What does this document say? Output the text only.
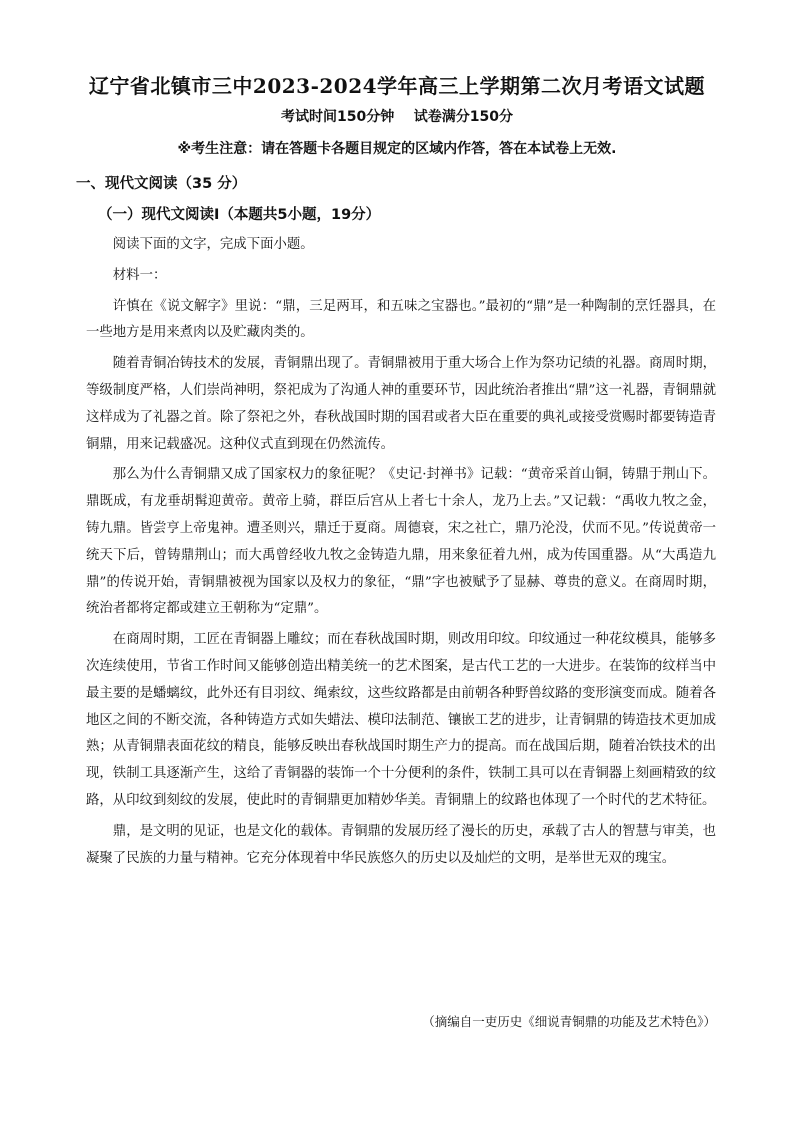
辽宁省北镇市三中2023-2024学年高三上学期第二次月考语文试题
考试时间150分钟    试卷满分150分
※考生注意：请在答题卡各题目规定的区域内作答，答在本试卷上无效.
一、现代文阅读（35 分）
（一）现代文阅读Ⅰ（本题共5小题，19分）

阅读下面的文字，完成下面小题。

材料一：

许慎在《说文解字》里说：“鼎，三足两耳，和五味之宝器也。”最初的“鼎”是一种陶制的烹饪器具，在一些地方是用来煮肉以及贮藏肉类的。

随着青铜冶铸技术的发展，青铜鼎出现了。青铜鼎被用于重大场合上作为祭功记绩的礼器。商周时期，等级制度严格，人们崇尚神明，祭祀成为了沟通人神的重要环节，因此统治者推出“鼎”这一礼器，青铜鼎就这样成为了礼器之首。除了祭祀之外，春秋战国时期的国君或者大臣在重要的典礼或接受赏赐时都要铸造青铜鼎，用来记载盛况。这种仪式直到现在仍然流传。

那么为什么青铜鼎又成了国家权力的象征呢？《史记·封禅书》记载：“黄帝采首山铜，铸鼎于荆山下。鼎既成，有龙垂胡髯迎黄帝。黄帝上骑，群臣后宫从上者七十余人，龙乃上去。”又记载：“禹收九牧之金，铸九鼎。皆尝亨上帝鬼神。遭圣则兴，鼎迁于夏商。周德衰，宋之社亡，鼎乃沦没，伏而不见。”传说黄帝一统天下后，曾铸鼎荆山；而大禹曾经收九牧之金铸造九鼎，用来象征着九州，成为传国重器。从“大禹造九鼎”的传说开始，青铜鼎被视为国家以及权力的象征，“鼎”字也被赋予了显赫、尊贵的意义。在商周时期，统治者都将定都或建立王朝称为“定鼎”。

在商周时期，工匠在青铜器上雕纹；而在春秋战国时期，则改用印纹。印纹通过一种花纹模具，能够多次连续使用，节省工作时间又能够创造出精美统一的艺术图案，是古代工艺的一大进步。在装饰的纹样当中最主要的是蟠螭纹，此外还有目羽纹、绳索纹，这些纹路都是由前朝各种野兽纹路的变形演变而成。随着各地区之间的不断交流，各种铸造方式如失蜡法、模印法制范、镶嵌工艺的进步，让青铜鼎的铸造技术更加成熟；从青铜鼎表面花纹的精良，能够反映出春秋战国时期生产力的提高。而在战国后期，随着冶铁技术的出现，铁制工具逐渐产生，这给了青铜器的装饰一个十分便利的条件，铁制工具可以在青铜器上刻画精致的纹路，从印纹到刻纹的发展，使此时的青铜鼎更加精妙华美。青铜鼎上的纹路也体现了一个时代的艺术特征。

鼎，是文明的见证，也是文化的载体。青铜鼎的发展历经了漫长的历史，承载了古人的智慧与审美，也凝聚了民族的力量与精神。它充分体现着中华民族悠久的历史以及灿烂的文明，是举世无双的瑰宝。

（摘编自一吏历史《细说青铜鼎的功能及艺术特色》）
